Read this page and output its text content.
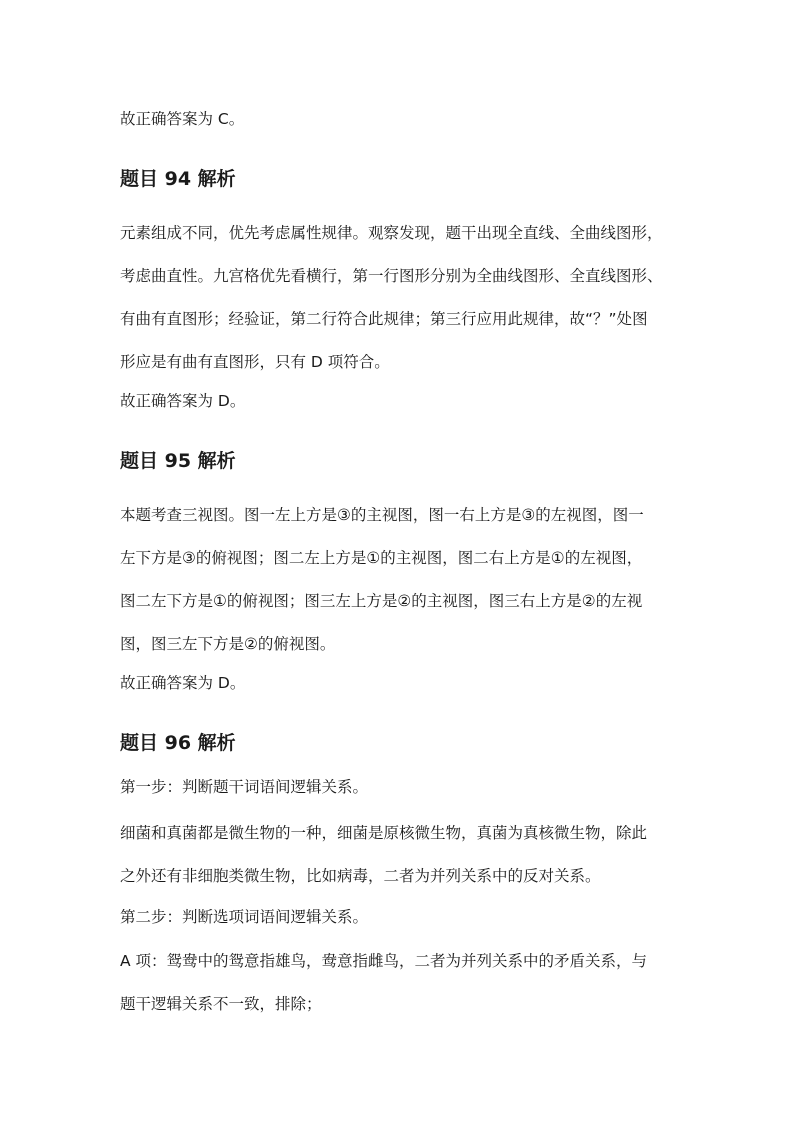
故正确答案为 C。

题目 94 解析

元素组成不同，优先考虑属性规律。观察发现，题干出现全直线、全曲线图形，

考虑曲直性。九宫格优先看横行，第一行图形分别为全曲线图形、全直线图形、

有曲有直图形；经验证，第二行符合此规律；第三行应用此规律，故“？”处图

形应是有曲有直图形，只有 D 项符合。

故正确答案为 D。

题目 95 解析

本题考查三视图。图一左上方是③的主视图，图一右上方是③的左视图，图一

左下方是③的俯视图；图二左上方是①的主视图，图二右上方是①的左视图，

图二左下方是①的俯视图；图三左上方是②的主视图，图三右上方是②的左视

图，图三左下方是②的俯视图。

故正确答案为 D。

题目 96 解析

第一步：判断题干词语间逻辑关系。

细菌和真菌都是微生物的一种，细菌是原核微生物，真菌为真核微生物，除此

之外还有非细胞类微生物，比如病毒，二者为并列关系中的反对关系。

第二步：判断选项词语间逻辑关系。

A 项：鸳鸯中的鸳意指雄鸟，鸯意指雌鸟，二者为并列关系中的矛盾关系，与

题干逻辑关系不一致，排除；
